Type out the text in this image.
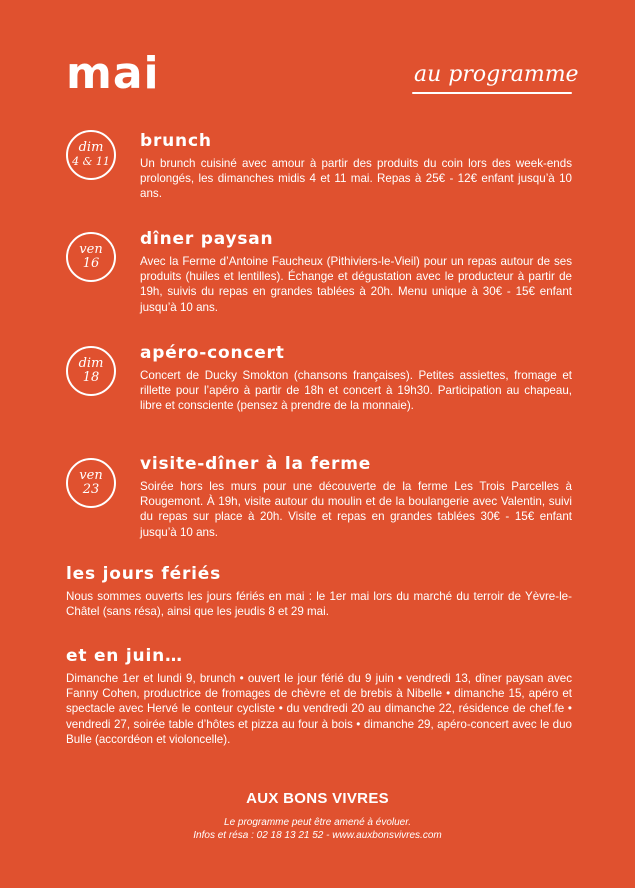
mai	au programme
dim
4 & 11
brunch
Un brunch cuisiné avec amour à partir des produits du coin lors des week-ends prolongés, les dimanches midis 4 et 11 mai. Repas à 25€ - 12€ enfant jusqu’à 10 ans.
ven
16
dîner paysan
Avec la Ferme d’Antoine Faucheux (Pithiviers-le-Vieil) pour un repas autour de ses produits (huiles et lentilles). Échange et dégustation avec le producteur à partir de 19h, suivis du repas en grandes tablées à 20h. Menu unique à 30€ - 15€ enfant jusqu’à 10 ans.
dim
18
apéro-concert
Concert de Ducky Smokton (chansons françaises). Petites assiettes, fromage et rillette pour l’apéro à partir de 18h et concert à 19h30. Participation au chapeau, libre et consciente (pensez à prendre de la monnaie).
ven
23
visite-dîner à la ferme
Soirée hors les murs pour une découverte de la ferme Les Trois Parcelles à Rougemont. À 19h, visite autour du moulin et de la boulangerie avec Valentin, suivi du repas sur place à 20h. Visite et repas en grandes tablées 30€ - 15€ enfant jusqu’à 10 ans.
les jours fériés
Nous sommes ouverts les jours fériés en mai : le 1er mai lors du marché du terroir de Yèvre-le-Châtel (sans résa), ainsi que les jeudis 8 et 29 mai.
et en juin…
Dimanche 1er et lundi 9, brunch • ouvert le jour férié du 9 juin • vendredi 13, dîner paysan avec Fanny Cohen, productrice de fromages de chèvre et de brebis à Nibelle • dimanche 15, apéro et spectacle avec Hervé le conteur cycliste • du vendredi 20 au dimanche 22, résidence de chef.fe • vendredi 27, soirée table d’hôtes et pizza au four à bois • dimanche 29, apéro-concert avec le duo Bulle (accordéon et violoncelle).
AUX BONS VIVRES
Le programme peut être amené à évoluer.
Infos et résa : 02 18 13 21 52 - www.auxbonsvivres.com
